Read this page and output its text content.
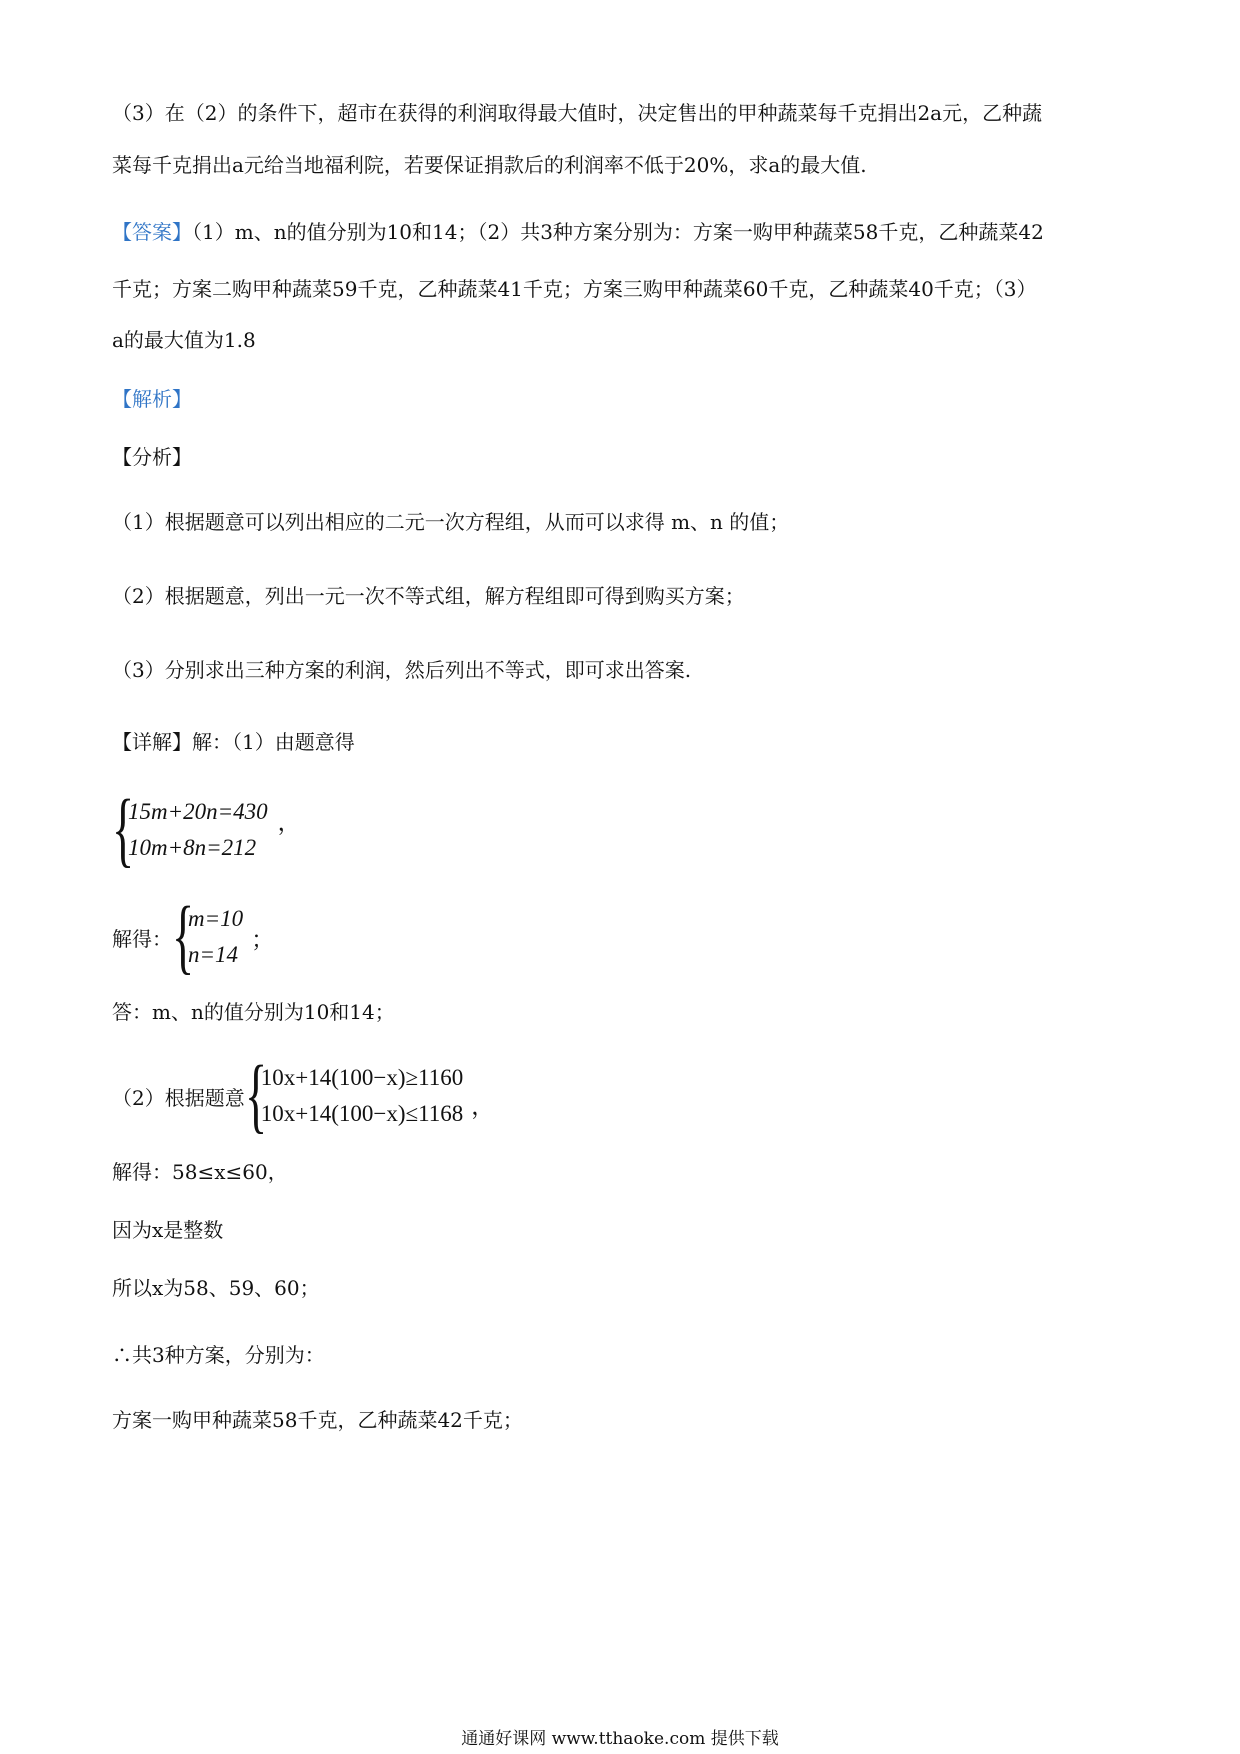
（3）在（2）的条件下，超市在获得的利润取得最大值时，决定售出的甲种蔬菜每千克捐出2a元，乙种蔬
菜每千克捐出a元给当地福利院，若要保证捐款后的利润率不低于20%，求a的最大值.
【答案】（1）m、n的值分别为10和14；（2）共3种方案分别为：方案一购甲种蔬菜58千克，乙种蔬菜42
千克；方案二购甲种蔬菜59千克，乙种蔬菜41千克；方案三购甲种蔬菜60千克，乙种蔬菜40千克；（3）
a的最大值为1.8
【解析】
【分析】
（1）根据题意可以列出相应的二元一次方程组，从而可以求得 m、n 的值；
（2）根据题意，列出一元一次不等式组，解方程组即可得到购买方案；
（3）分别求出三种方案的利润，然后列出不等式，即可求出答案.
【详解】解：（1）由题意得
{
15m+20n=430
10m+8n=212
，
解得： {
m=10
n=14
；
答：m、n的值分别为10和14；
（2）根据题意 {
10x+14(100−x)≥1160
10x+14(100−x)≤1168 ，
解得：58≤x≤60，
因为x是整数
所以x为58、59、60；
∴共3种方案，分别为：
方案一购甲种蔬菜58千克，乙种蔬菜42千克；
通通好课网 www.tthaoke.com 提供下载
